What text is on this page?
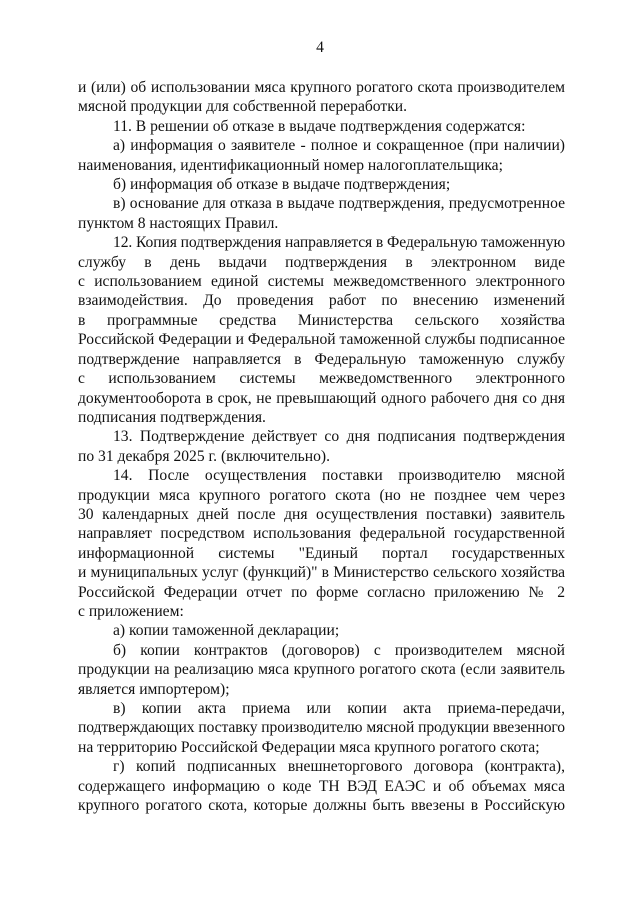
4
и (или) об использовании мяса крупного рогатого скота производителем
мясной продукции для собственной переработки.
11. В решении об отказе в выдаче подтверждения содержатся:
а) информация о заявителе - полное и сокращенное (при наличии)
наименования, идентификационный номер налогоплательщика;
б) информация об отказе в выдаче подтверждения;
в) основание для отказа в выдаче подтверждения, предусмотренное
пунктом 8 настоящих Правил.
12. Копия подтверждения направляется в Федеральную таможенную
службу в день выдачи подтверждения в электронном виде
с использованием единой системы межведомственного электронного
взаимодействия. До проведения работ по внесению изменений
в программные средства Министерства сельского хозяйства
Российской Федерации и Федеральной таможенной службы подписанное
подтверждение направляется в Федеральную таможенную службу
с использованием системы межведомственного электронного
документооборота в срок, не превышающий одного рабочего дня со дня
подписания подтверждения.
13. Подтверждение действует со дня подписания подтверждения
по 31 декабря 2025 г. (включительно).
14. После осуществления поставки производителю мясной
продукции мяса крупного рогатого скота (но не позднее чем через
30 календарных дней после дня осуществления поставки) заявитель
направляет посредством использования федеральной государственной
информационной системы "Единый портал государственных
и муниципальных услуг (функций)" в Министерство сельского хозяйства
Российской Федерации отчет по форме согласно приложению № 2
с приложением:
а) копии таможенной декларации;
б) копии контрактов (договоров) с производителем мясной
продукции на реализацию мяса крупного рогатого скота (если заявитель
является импортером);
в) копии акта приема или копии акта приема-передачи,
подтверждающих поставку производителю мясной продукции ввезенного
на территорию Российской Федерации мяса крупного рогатого скота;
г) копий подписанных внешнеторгового договора (контракта),
содержащего информацию о коде ТН ВЭД ЕАЭС и об объемах мяса
крупного рогатого скота, которые должны быть ввезены в Российскую
